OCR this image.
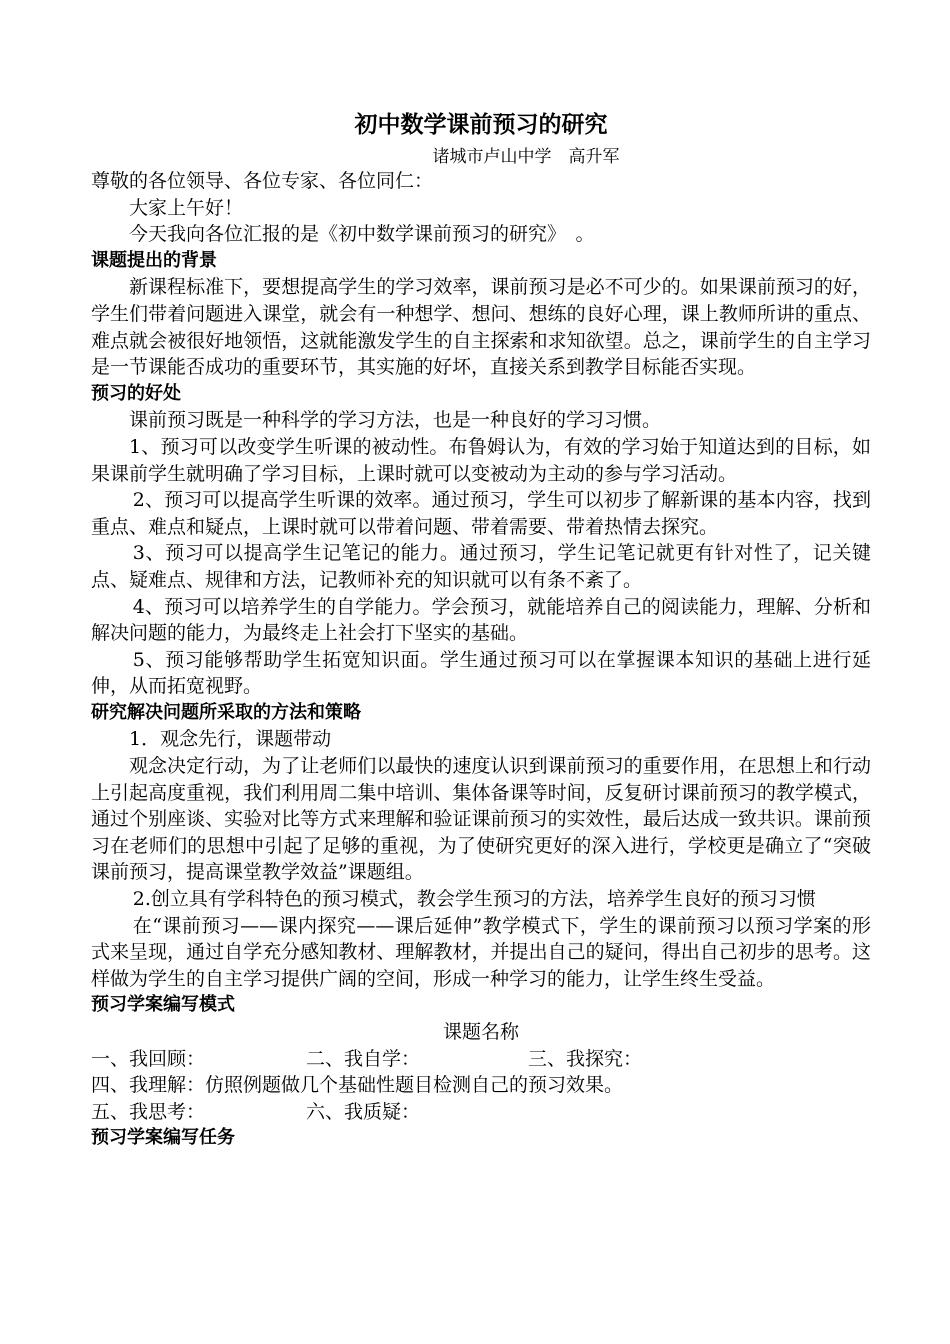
初中数学课前预习的研究
诸城市卢山中学　高升军

尊敬的各位领导、各位专家、各位同仁：

大家上午好！

今天我向各位汇报的是《初中数学课前预习的研究》　。

课题提出的背景

新课程标准下，要想提高学生的学习效率，课前预习是必不可少的。如果课前预习的好，学生们带着问题进入课堂，就会有一种想学、想问、想练的良好心理，课上教师所讲的重点、难点就会被很好地领悟，这就能激发学生的自主探索和求知欲望。总之，课前学生的自主学习是一节课能否成功的重要环节，其实施的好坏，直接关系到教学目标能否实现。

预习的好处

课前预习既是一种科学的学习方法，也是一种良好的学习习惯。

1、预习可以改变学生听课的被动性。布鲁姆认为，有效的学习始于知道达到的目标，如果课前学生就明确了学习目标，上课时就可以变被动为主动的参与学习活动。

2、预习可以提高学生听课的效率。通过预习，学生可以初步了解新课的基本内容，找到重点、难点和疑点，上课时就可以带着问题、带着需要、带着热情去探究。

3、预习可以提高学生记笔记的能力。通过预习，学生记笔记就更有针对性了，记关键点、疑难点、规律和方法，记教师补充的知识就可以有条不紊了。

4、预习可以培养学生的自学能力。学会预习，就能培养自己的阅读能力，理解、分析和解决问题的能力，为最终走上社会打下坚实的基础。

5、预习能够帮助学生拓宽知识面。学生通过预习可以在掌握课本知识的基础上进行延伸，从而拓宽视野。

研究解决问题所采取的方法和策略

1．观念先行，课题带动

观念决定行动，为了让老师们以最快的速度认识到课前预习的重要作用，在思想上和行动上引起高度重视，我们利用周二集中培训、集体备课等时间，反复研讨课前预习的教学模式，通过个别座谈、实验对比等方式来理解和验证课前预习的实效性，最后达成一致共识。课前预习在老师们的思想中引起了足够的重视，为了使研究更好的深入进行，学校更是确立了“突破课前预习，提高课堂教学效益”课题组。

2.创立具有学科特色的预习模式，教会学生预习的方法，培养学生良好的预习习惯

在“课前预习——课内探究——课后延伸”教学模式下，学生的课前预习以预习学案的形式来呈现，通过自学充分感知教材、理解教材，并提出自己的疑问，得出自己初步的思考。这样做为学生的自主学习提供广阔的空间，形成一种学习的能力，让学生终生受益。

预习学案编写模式

课题名称

一、我回顾：	二、我自学：	三、我探究：

四、我理解：仿照例题做几个基础性题目检测自己的预习效果。

五、我思考：	六、我质疑：
预习学案编写任务
